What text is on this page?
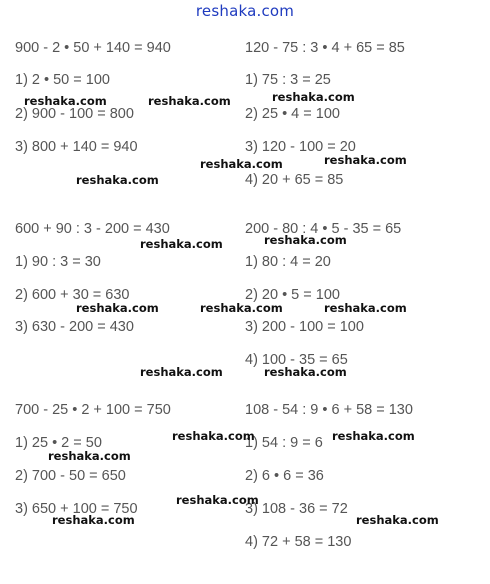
reshaka.com
900 - 2 • 50 + 140 = 940
1) 2 • 50 = 100
2) 900 - 100 = 800
3) 800 + 140 = 940
120 - 75 : 3 • 4 + 65 = 85
1) 75 : 3 = 25
2) 25 • 4 = 100
3) 120 - 100 = 20
4) 20 + 65 = 85
600 + 90 : 3 - 200 = 430
1) 90 : 3 = 30
2) 600 + 30 = 630
3) 630 - 200 = 430
200 - 80 : 4 • 5 - 35 = 65
1) 80 : 4 = 20
2) 20 • 5 = 100
3) 200 - 100 = 100
4) 100 - 35 = 65
700 - 25 • 2 + 100 = 750
1) 25 • 2 = 50
2) 700 - 50 = 650
3) 650 + 100 = 750
108 - 54 : 9 • 6 + 58 = 130
1) 54 : 9 = 6
2) 6 • 6 = 36
3) 108 - 36 = 72
4) 72 + 58 = 130
reshaka.com	reshaka.com	reshaka.com
reshaka.com	reshaka.com
reshaka.com
reshaka.com	reshaka.com
reshaka.com	reshaka.com	reshaka.com
reshaka.com	reshaka.com
reshaka.com	reshaka.com
reshaka.com
reshaka.com
reshaka.com	reshaka.com
